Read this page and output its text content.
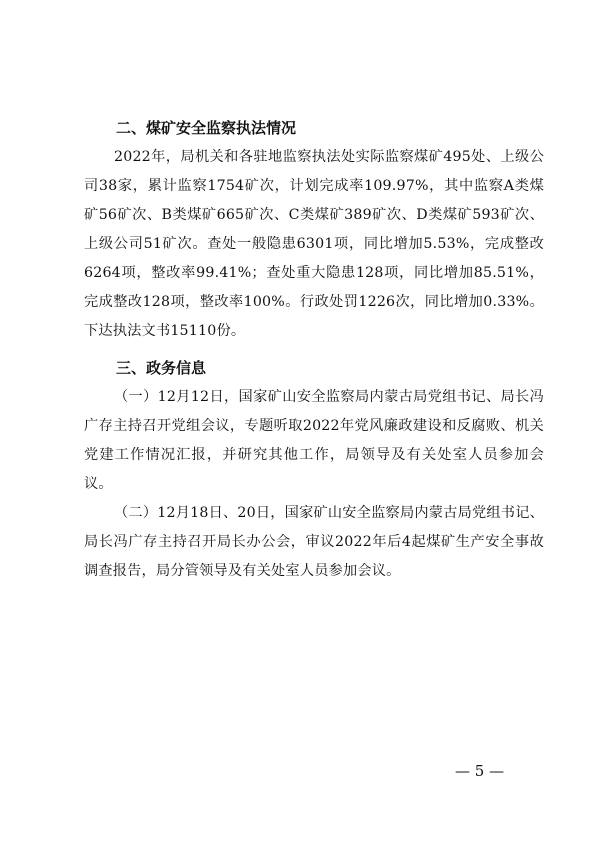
二、煤矿安全监察执法情况

2022年，局机关和各驻地监察执法处实际监察煤矿495处、上级公司38家，累计监察1754矿次，计划完成率109.97%，其中监察A类煤矿56矿次、B类煤矿665矿次、C类煤矿389矿次、D类煤矿593矿次、上级公司51矿次。查处一般隐患6301项，同比增加5.53%，完成整改6264项，整改率99.41%；查处重大隐患128项，同比增加85.51%，完成整改128项，整改率100%。行政处罚1226次，同比增加0.33%。下达执法文书15110份。

三、政务信息

（一）12月12日，国家矿山安全监察局内蒙古局党组书记、局长冯广存主持召开党组会议，专题听取2022年党风廉政建设和反腐败、机关党建工作情况汇报，并研究其他工作，局领导及有关处室人员参加会议。

（二）12月18日、20日，国家矿山安全监察局内蒙古局党组书记、局长冯广存主持召开局长办公会，审议2022年后4起煤矿生产安全事故调查报告，局分管领导及有关处室人员参加会议。

— 5 —
